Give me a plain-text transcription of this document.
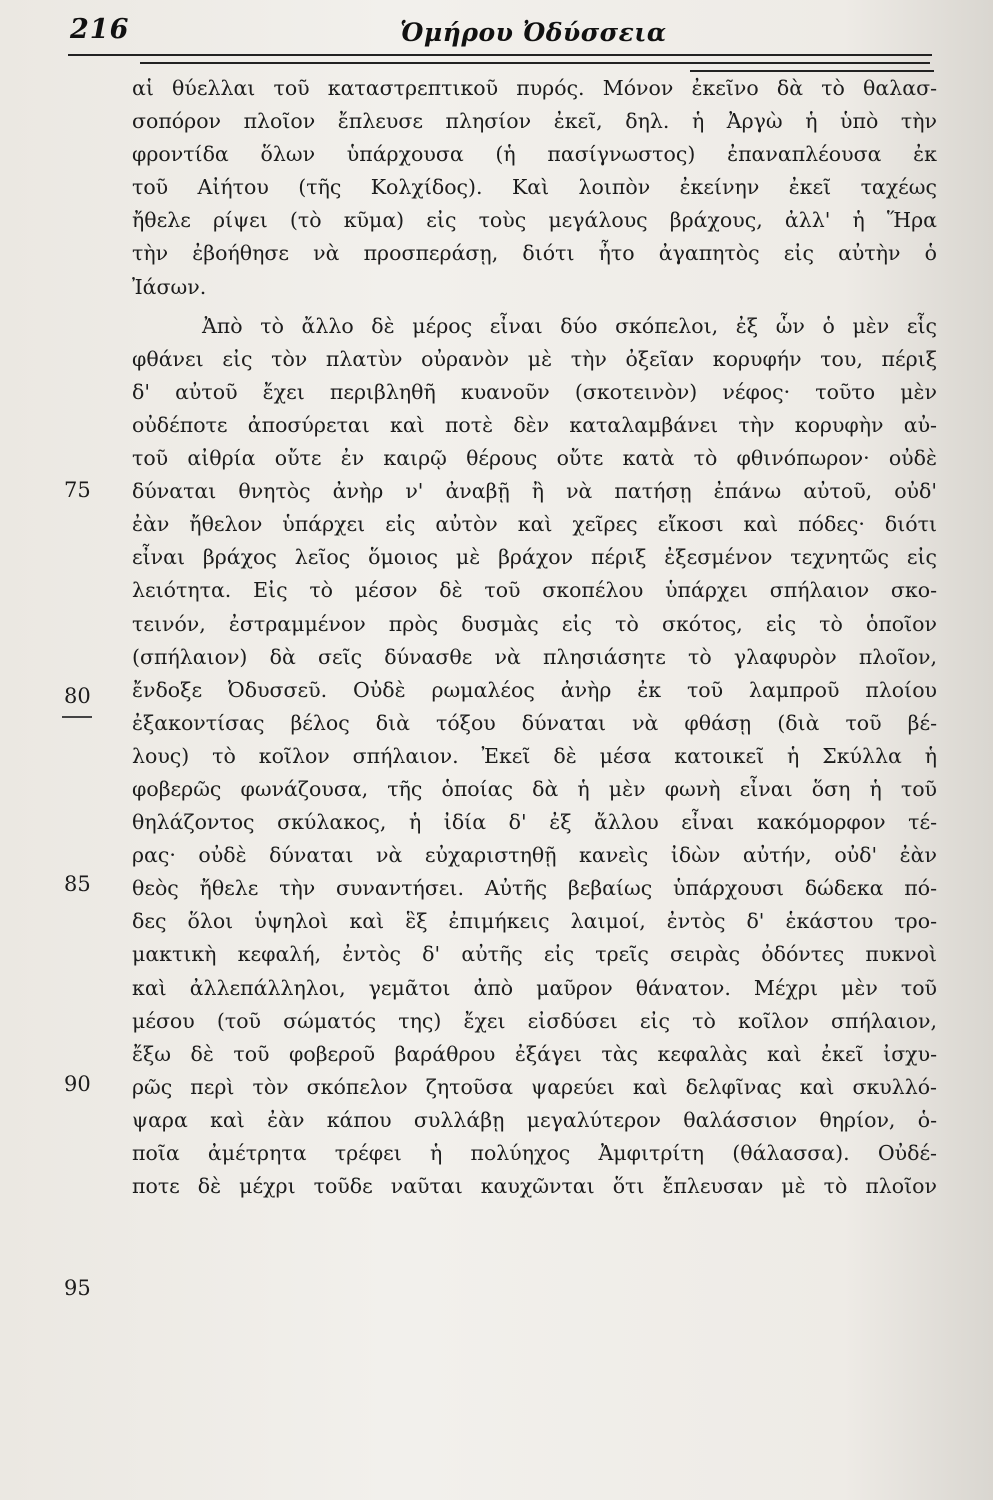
216	Ὁμήρου Ὀδύσσεια
75
80
85
90
95
αἱ θύελλαι τοῦ καταστρεπτικοῦ πυρός. Μόνον ἐκεῖνο δὰ τὸ θαλασ-
σοπόρον πλοῖον ἔπλευσε πλησίον ἐκεῖ, δηλ. ἡ Ἀργὼ ἡ ὑπὸ τὴν
φροντίδα ὅλων ὑπάρχουσα (ἡ πασίγνωστος) ἐπαναπλέουσα ἐκ
τοῦ Αἰήτου (τῆς Κολχίδος). Καὶ λοιπὸν ἐκείνην ἐκεῖ ταχέως
ἤθελε ρίψει (τὸ κῦμα) εἰς τοὺς μεγάλους βράχους, ἀλλ' ἡ Ἥρα
τὴν ἐβοήθησε νὰ προσπεράσῃ, διότι ἦτο ἀγαπητὸς εἰς αὐτὴν ὁ
Ἰάσων.
Ἀπὸ τὸ ἄλλο δὲ μέρος εἶναι δύο σκόπελοι, ἐξ ὧν ὁ μὲν εἷς
φθάνει εἰς τὸν πλατὺν οὐρανὸν μὲ τὴν ὀξεῖαν κορυφήν του, πέριξ
δ' αὐτοῦ ἔχει περιβληθῆ κυανοῦν (σκοτεινὸν) νέφος· τοῦτο μὲν
οὐδέποτε ἀποσύρεται καὶ ποτὲ δὲν καταλαμβάνει τὴν κορυφὴν αὐ-
τοῦ αἰθρία οὔτε ἐν καιρῷ θέρους οὔτε κατὰ τὸ φθινόπωρον· οὐδὲ
δύναται θνητὸς ἀνὴρ ν' ἀναβῇ ἢ νὰ πατήσῃ ἐπάνω αὐτοῦ, οὐδ'
ἐὰν ἤθελον ὑπάρχει εἰς αὐτὸν καὶ χεῖρες εἴκοσι καὶ πόδες· διότι
εἶναι βράχος λεῖος ὅμοιος μὲ βράχον πέριξ ἐξεσμένον τεχνητῶς εἰς
λειότητα. Εἰς τὸ μέσον δὲ τοῦ σκοπέλου ὑπάρχει σπήλαιον σκο-
τεινόν, ἐστραμμένον πρὸς δυσμὰς εἰς τὸ σκότος, εἰς τὸ ὁποῖον
(σπήλαιον) δὰ σεῖς δύνασθε νὰ πλησιάσητε τὸ γλαφυρὸν πλοῖον,
ἔνδοξε Ὀδυσσεῦ. Οὐδὲ ρωμαλέος ἀνὴρ ἐκ τοῦ λαμπροῦ πλοίου
ἐξακοντίσας βέλος διὰ τόξου δύναται νὰ φθάσῃ (διὰ τοῦ βέ-
λους) τὸ κοῖλον σπήλαιον. Ἐκεῖ δὲ μέσα κατοικεῖ ἡ Σκύλλα ἡ
φοβερῶς φωνάζουσα, τῆς ὁποίας δὰ ἡ μὲν φωνὴ εἶναι ὅση ἡ τοῦ
θηλάζοντος σκύλακος, ἡ ἰδία δ' ἐξ ἄλλου εἶναι κακόμορφον τέ-
ρας· οὐδὲ δύναται νὰ εὐχαριστηθῇ κανεὶς ἰδὼν αὐτήν, οὐδ' ἐὰν
θεὸς ἤθελε τὴν συναντήσει. Αὐτῆς βεβαίως ὑπάρχουσι δώδεκα πό-
δες ὅλοι ὑψηλοὶ καὶ ἓξ ἐπιμήκεις λαιμοί, ἐντὸς δ' ἑκάστου τρο-
μακτικὴ κεφαλή, ἐντὸς δ' αὐτῆς εἰς τρεῖς σειρὰς ὀδόντες πυκνοὶ
καὶ ἀλλεπάλληλοι, γεμᾶτοι ἀπὸ μαῦρον θάνατον. Μέχρι μὲν τοῦ
μέσου (τοῦ σώματός της) ἔχει εἰσδύσει εἰς τὸ κοῖλον σπήλαιον,
ἔξω δὲ τοῦ φοβεροῦ βαράθρου ἐξάγει τὰς κεφαλὰς καὶ ἐκεῖ ἰσχυ-
ρῶς περὶ τὸν σκόπελον ζητοῦσα ψαρεύει καὶ δελφῖνας καὶ σκυλλό-
ψαρα καὶ ἐὰν κάπου συλλάβῃ μεγαλύτερον θαλάσσιον θηρίον, ὁ-
ποῖα ἀμέτρητα τρέφει ἡ πολύηχος Ἀμφιτρίτη (θάλασσα). Οὐδέ-
ποτε δὲ μέχρι τοῦδε ναῦται καυχῶνται ὅτι ἔπλευσαν μὲ τὸ πλοῖον
